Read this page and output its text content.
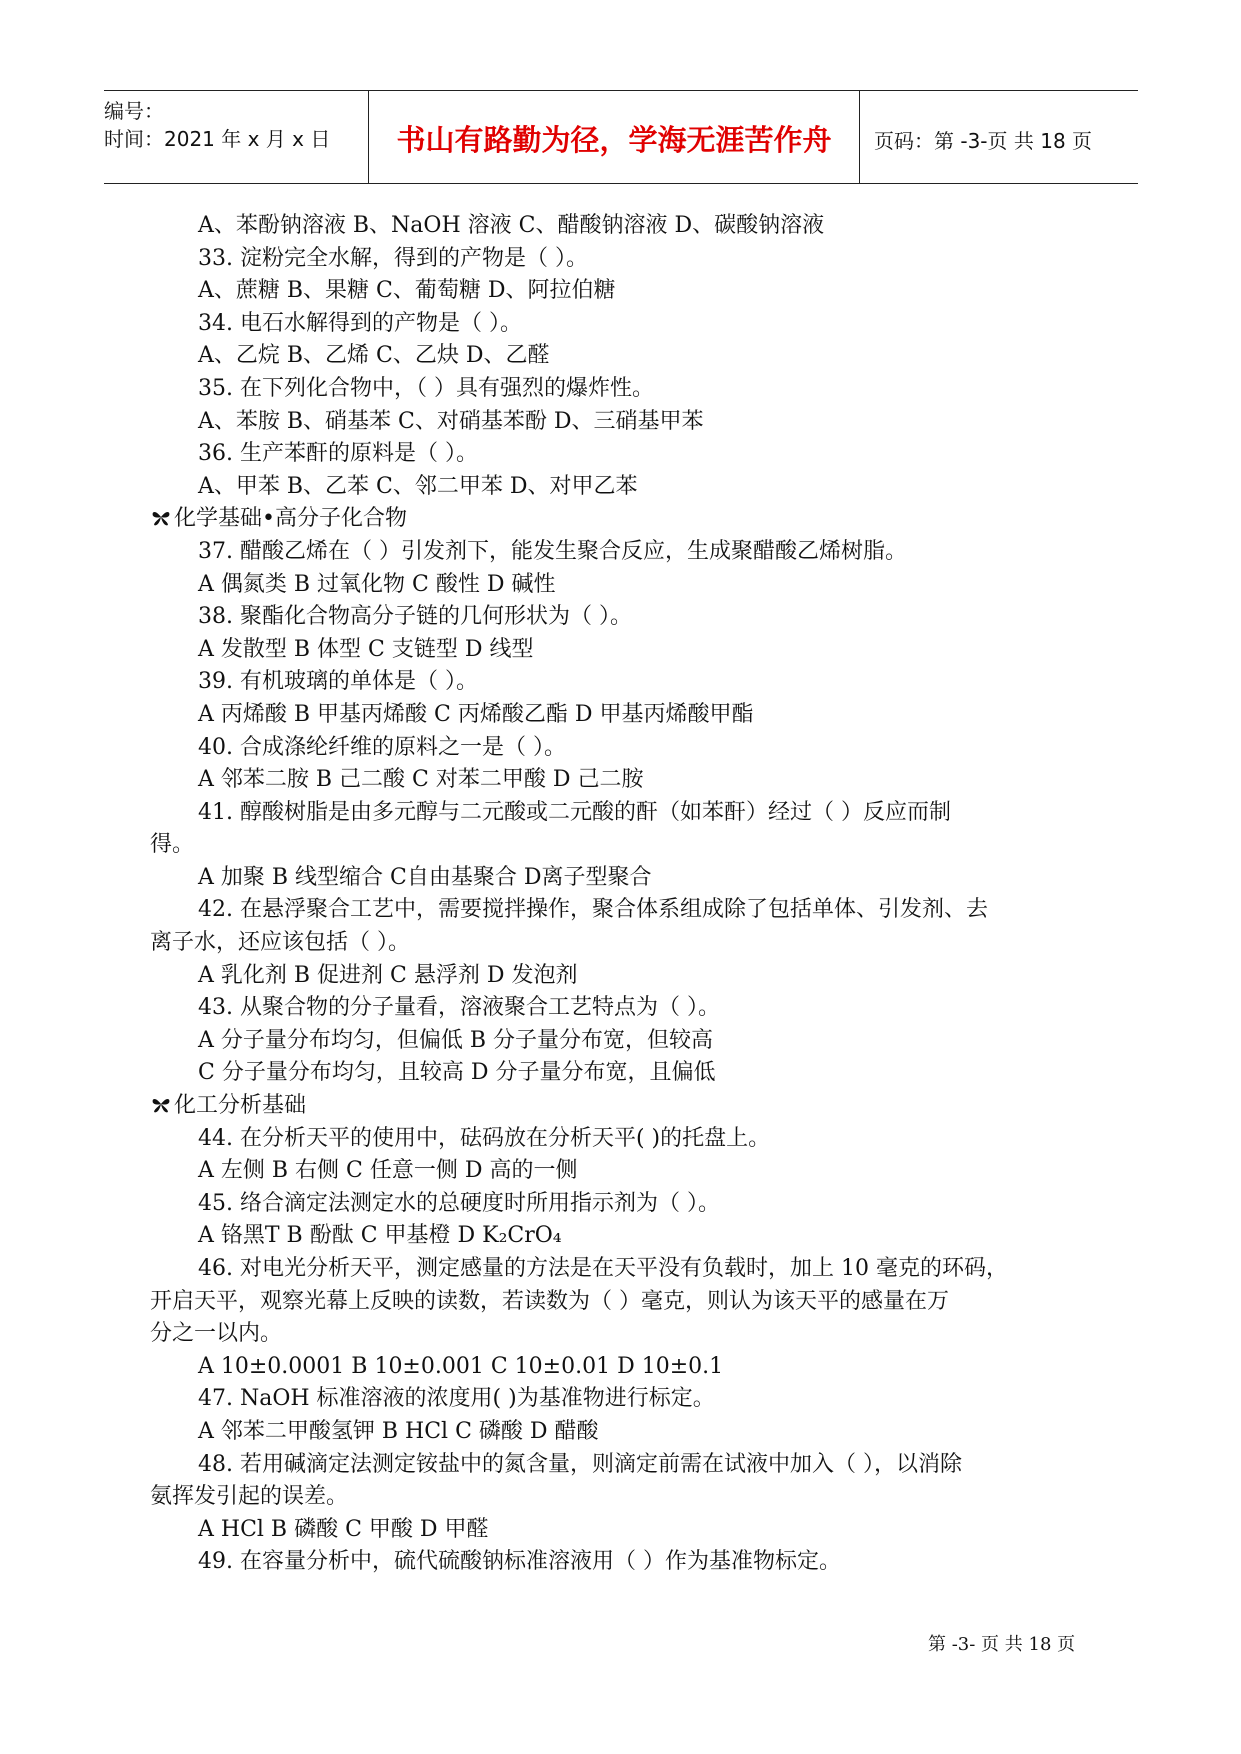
编号：
时间：2021 年 x 月 x 日	书山有路勤为径，学海无涯苦作舟	页码：第 -3-页 共 18 页
A、苯酚钠溶液 B、NaOH 溶液 C、醋酸钠溶液 D、碳酸钠溶液
33. 淀粉完全水解，得到的产物是（ ）。
A、蔗糖 B、果糖 C、葡萄糖 D、阿拉伯糖
34. 电石水解得到的产物是（ ）。
A、乙烷 B、乙烯 C、乙炔 D、乙醛
35. 在下列化合物中，（ ）具有强烈的爆炸性。
A、苯胺 B、硝基苯 C、对硝基苯酚 D、三硝基甲苯
36. 生产苯酐的原料是（ ）。
A、甲苯 B、乙苯 C、邻二甲苯 D、对甲乙苯
化学基础•高分子化合物
37. 醋酸乙烯在（ ）引发剂下，能发生聚合反应，生成聚醋酸乙烯树脂。
A 偶氮类 B 过氧化物 C 酸性 D 碱性
38. 聚酯化合物高分子链的几何形状为（ ）。
A 发散型 B 体型 C 支链型 D 线型
39. 有机玻璃的单体是（ ）。
A 丙烯酸 B 甲基丙烯酸 C 丙烯酸乙酯 D 甲基丙烯酸甲酯
40. 合成涤纶纤维的原料之一是（ ）。
A 邻苯二胺 B 己二酸 C 对苯二甲酸 D 己二胺
41. 醇酸树脂是由多元醇与二元酸或二元酸的酐（如苯酐）经过（ ）反应而制
得。
A 加聚 B 线型缩合 C自由基聚合 D离子型聚合
42. 在悬浮聚合工艺中，需要搅拌操作，聚合体系组成除了包括单体、引发剂、去
离子水，还应该包括（ ）。
A 乳化剂 B 促进剂 C 悬浮剂 D 发泡剂
43. 从聚合物的分子量看，溶液聚合工艺特点为（ ）。
A 分子量分布均匀，但偏低 B 分子量分布宽，但较高
C 分子量分布均匀，且较高 D 分子量分布宽，且偏低
化工分析基础
44. 在分析天平的使用中，砝码放在分析天平( )的托盘上。
A 左侧 B 右侧 C 任意一侧 D 高的一侧
45. 络合滴定法测定水的总硬度时所用指示剂为（ ）。
A 铬黑T B 酚酞 C 甲基橙 D K₂CrO₄
46. 对电光分析天平，测定感量的方法是在天平没有负载时，加上 10 毫克的环码，
开启天平，观察光幕上反映的读数，若读数为（ ）毫克，则认为该天平的感量在万
分之一以内。
A 10±0.0001 B 10±0.001 C 10±0.01 D 10±0.1
47. NaOH 标准溶液的浓度用( )为基准物进行标定。
A 邻苯二甲酸氢钾 B HCl C 磷酸 D 醋酸
48. 若用碱滴定法测定铵盐中的氮含量，则滴定前需在试液中加入（ ），以消除
氨挥发引起的误差。
A HCl B 磷酸 C 甲酸 D 甲醛
49. 在容量分析中，硫代硫酸钠标准溶液用（ ）作为基准物标定。
第 -3- 页 共 18 页
